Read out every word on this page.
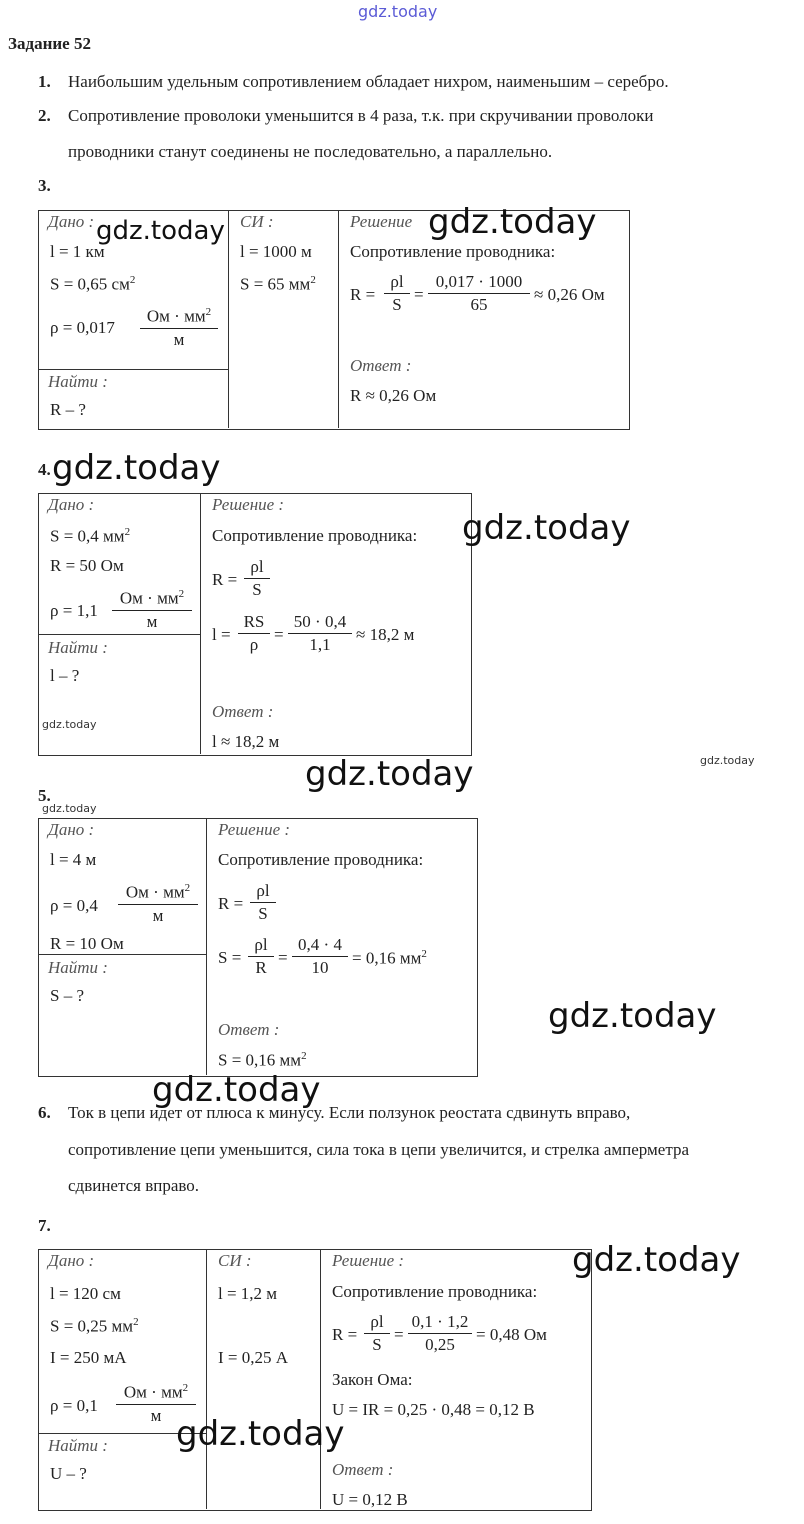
gdz.today
Задание 52
1. Наибольшим удельным сопротивлением обладает нихром, наименьшим – серебро.
2. Сопротивление проволоки уменьшится в 4 раза, т.к. при скручивании проволоки
проводники станут соединены не последовательно, а параллельно.
3.
Дано :
l = 1 км
S = 0,65 $см^2$
ρ = 0,017
Ом · $мм^2$
м
Найти :
R – ?
СИ :
l = 1000 м
S = 65 $мм^2$
Решение
Сопротивление проводника:
R =
ρl
S
=
0,017 · 1000
65
≈ 0,26 Ом
Ответ :
R ≈ 0,26 Ом
4.
Дано :
S = 0,4 $мм^2$
R = 50 Ом
ρ = 1,1
Ом · $мм^2$
м
Найти :
l – ?
Решение :
Сопротивление проводника:
R =
ρl
S
l =
RS
ρ
=
50 · 0,4
1,1
≈ 18,2 м
Ответ :
l ≈ 18,2 м
5.
Дано :
l = 4 м
ρ = 0,4
Ом · $мм^2$
м
R = 10 Ом
Найти :
S – ?
Решение :
Сопротивление проводника:
R =
ρl
S
S =
ρl
R
=
0,4 · 4
10	= 0,16 $мм^2$
Ответ :
S = 0,16 $мм^2$
6. Ток в цепи идет от плюса к минусу. Если ползунок реостата сдвинуть вправо,
сопротивление цепи уменьшится, сила тока в цепи увеличится, и стрелка амперметра
сдвинется вправо.
7.
Дано :
l = 120 см
S = 0,25 $мм^2$
I = 250 мА
ρ = 0,1
Ом · $мм^2$
м
Найти :
U – ?
СИ :
l = 1,2 м
I = 0,25 А
Решение :
Сопротивление проводника:
R =
ρl
S
=
0,1 · 1,2
0,25
= 0,48 Ом
Закон Ома:
U = IR = 0,25 · 0,48 = 0,12 В
Ответ :
U = 0,12 В
gdz.today
gdz.today
gdz.today
gdz.today
gdz.today
gdz.today
gdz.today
gdz.today
gdz.today
gdz.today
gdz.today
gdz.today
